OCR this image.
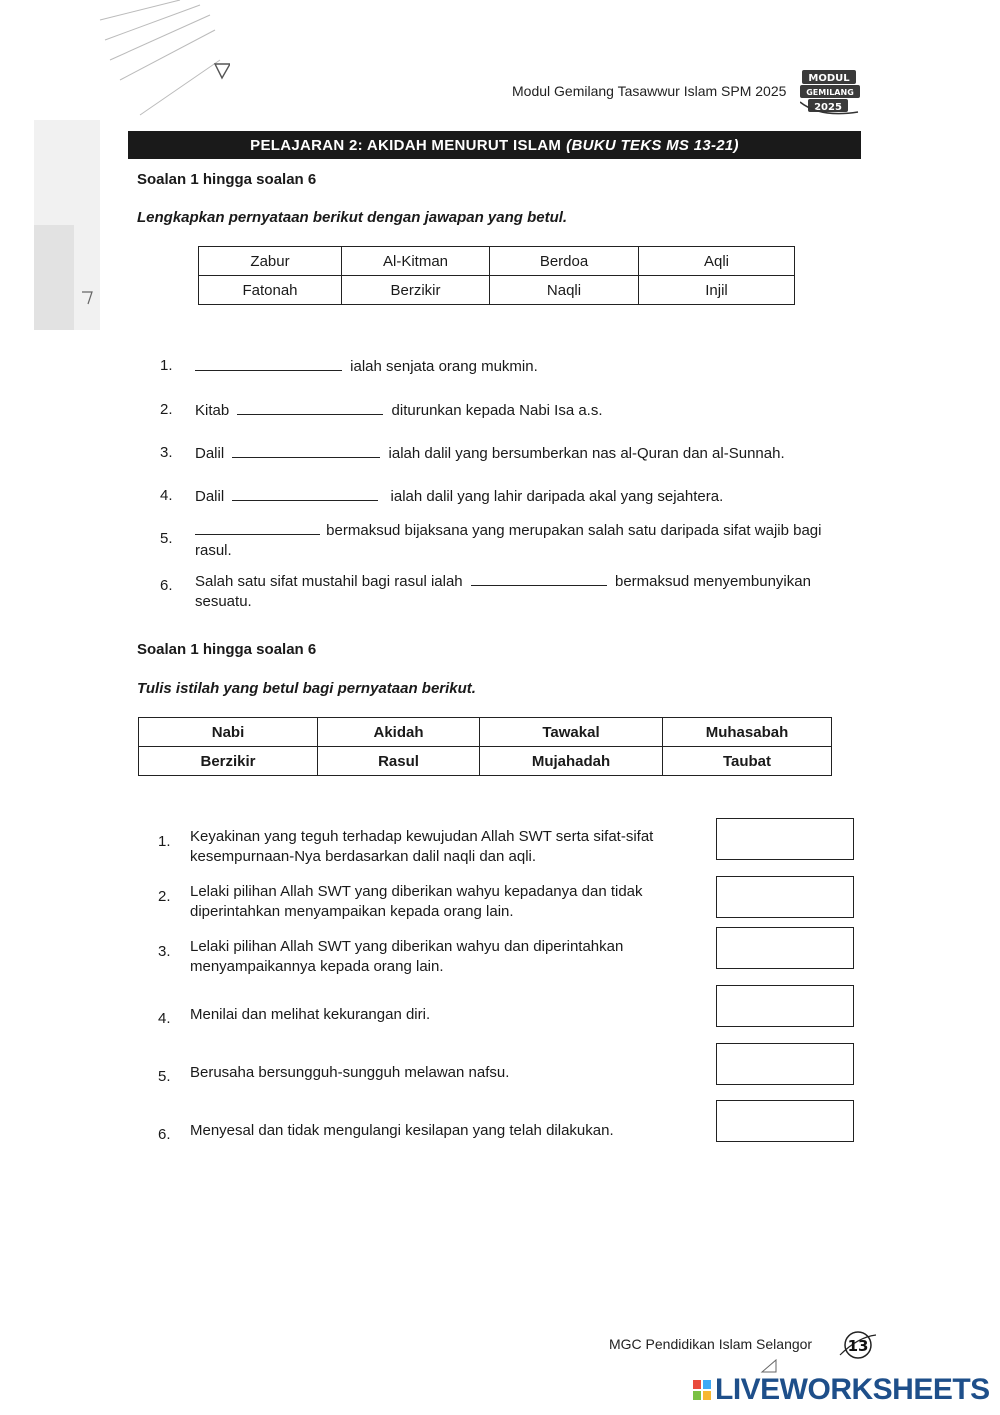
Modul Gemilang Tasawwur Islam SPM 2025
MODUL
GEMILANG
2025
PELAJARAN 2: AKIDAH MENURUT ISLAM (BUKU TEKS MS 13-21)
Soalan 1 hingga soalan 6
Lengkapkan pernyataan berikut dengan jawapan yang betul.
Zabur	Al-Kitman	Berdoa	Aqli
Fatonah	Berzikir	Naqli	Injil
1.	ialah senjata orang mukmin.
2. Kitab	diturunkan kepada Nabi Isa a.s.
3. Dalil	ialah dalil yang bersumberkan nas al-Quran dan al-Sunnah.
4. Dalil	ialah dalil yang lahir daripada akal yang sejahtera.
5.	bermaksud bijaksana yang merupakan salah satu daripada sifat wajib bagi
rasul.
6. Salah satu sifat mustahil bagi rasul ialah	bermaksud menyembunyikan
sesuatu.
Soalan 1 hingga soalan 6
Tulis istilah yang betul bagi pernyataan berikut.
Nabi	Akidah	Tawakal	Muhasabah
Berzikir	Rasul	Mujahadah	Taubat
1. Keyakinan yang teguh terhadap kewujudan Allah SWT serta sifat-sifat
kesempurnaan-Nya berdasarkan dalil naqli dan aqli.
2. Lelaki pilihan Allah SWT yang diberikan wahyu kepadanya dan tidak
diperintahkan menyampaikan kepada orang lain.
3. Lelaki pilihan Allah SWT yang diberikan wahyu dan diperintahkan
menyampaikannya kepada orang lain.
4. Menilai dan melihat kekurangan diri.
5. Berusaha bersungguh-sungguh melawan nafsu.
6. Menyesal dan tidak mengulangi kesilapan yang telah dilakukan.
MGC Pendidikan Islam Selangor 13
LIVEWORKSHEETS
